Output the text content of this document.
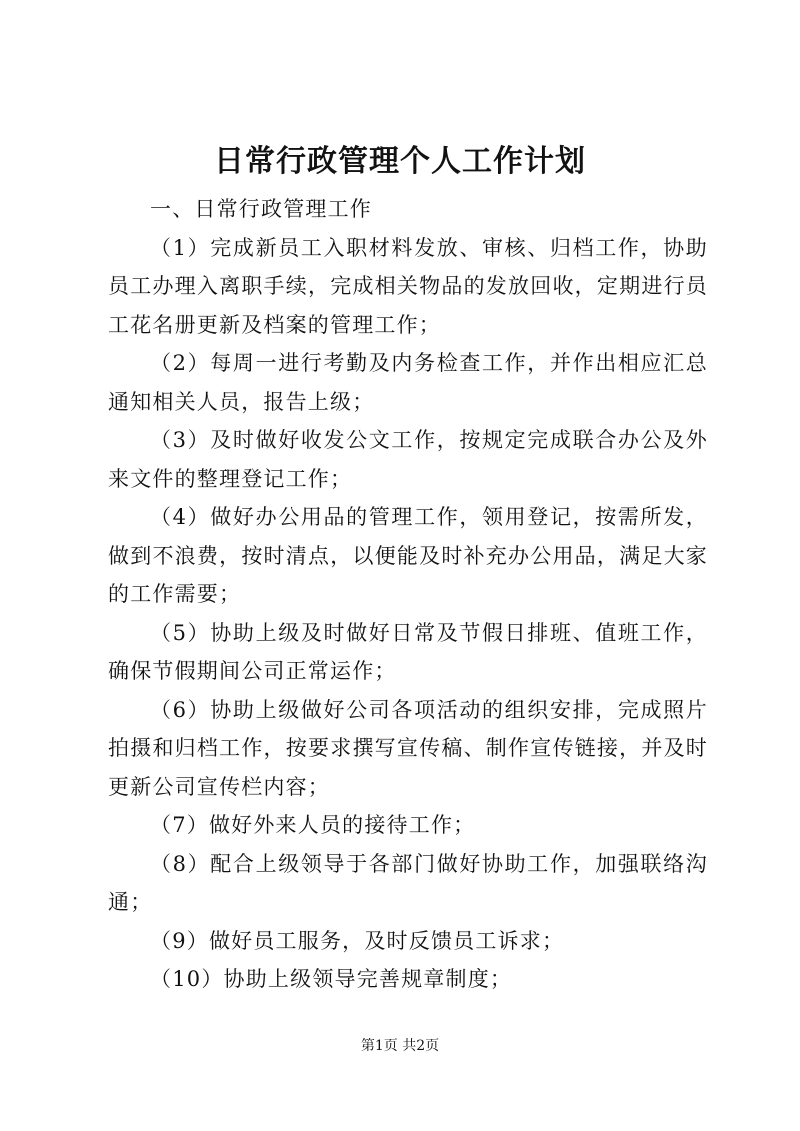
日常行政管理个人工作计划

一、日常行政管理工作

（1）完成新员工入职材料发放、审核、归档工作，协助员工办理入离职手续，完成相关物品的发放回收，定期进行员工花名册更新及档案的管理工作；

（2）每周一进行考勤及内务检查工作，并作出相应汇总通知相关人员，报告上级；

（3）及时做好收发公文工作，按规定完成联合办公及外来文件的整理登记工作；

（4）做好办公用品的管理工作，领用登记，按需所发，做到不浪费，按时清点，以便能及时补充办公用品，满足大家的工作需要；

（5）协助上级及时做好日常及节假日排班、值班工作，确保节假期间公司正常运作；

（6）协助上级做好公司各项活动的组织安排，完成照片拍摄和归档工作，按要求撰写宣传稿、制作宣传链接，并及时更新公司宣传栏内容；

（7）做好外来人员的接待工作；

（8）配合上级领导于各部门做好协助工作，加强联络沟通；

（9）做好员工服务，及时反馈员工诉求；

（10）协助上级领导完善规章制度；

第1页 共2页
